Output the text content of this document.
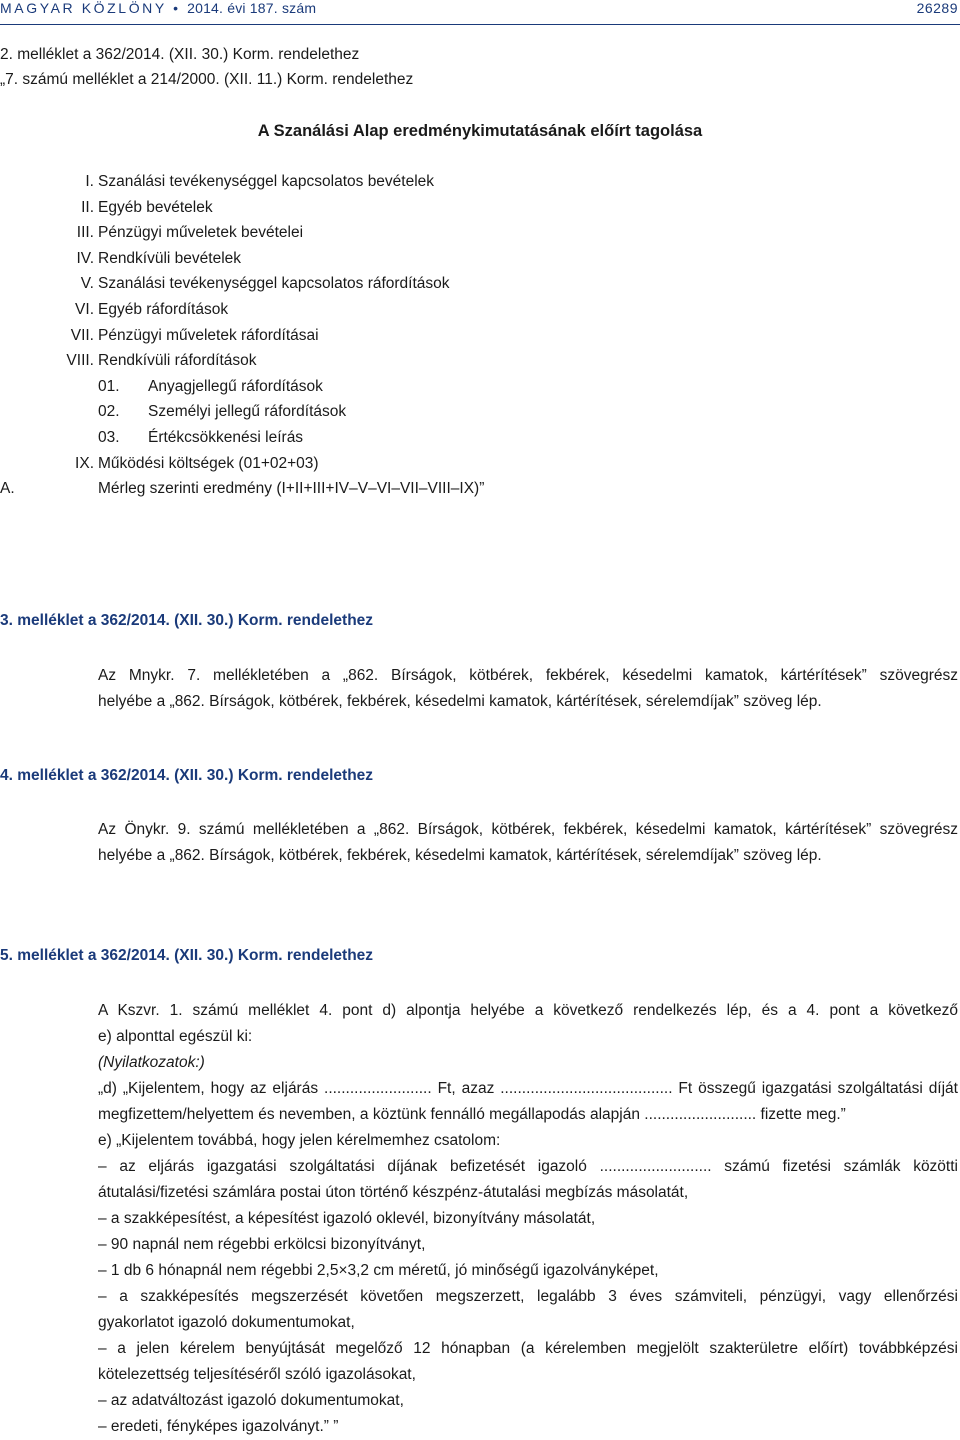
MAGYAR KÖZLÖNY • 2014. évi 187. szám	26289
2. melléklet a 362/2014. (XII. 30.) Korm. rendelethez
„7. számú melléklet a 214/2000. (XII. 11.) Korm. rendelethez
A Szanálási Alap eredménykimutatásának előírt tagolása
I. Szanálási tevékenységgel kapcsolatos bevételek
II. Egyéb bevételek
III. Pénzügyi műveletek bevételei
IV. Rendkívüli bevételek
V. Szanálási tevékenységgel kapcsolatos ráfordítások
VI. Egyéb ráfordítások
VII. Pénzügyi műveletek ráfordításai
VIII. Rendkívüli ráfordítások
01. Anyagjellegű ráfordítások
02. Személyi jellegű ráfordítások
03. Értékcsökkenési leírás
IX. Működési költségek (01+02+03)
A.	Mérleg szerinti eredmény (I+II+III+IV–V–VI–VII–VIII–IX)”
3. melléklet a 362/2014. (XII. 30.) Korm. rendelethez

Az Mnykr. 7. mellékletében a „862. Bírságok, kötbérek, fekbérek, késedelmi kamatok, kártérítések” szövegrész

helyébe a „862. Bírságok, kötbérek, fekbérek, késedelmi kamatok, kártérítések, sérelemdíjak” szöveg lép.

4. melléklet a 362/2014. (XII. 30.) Korm. rendelethez

Az Önykr. 9. számú mellékletében a „862. Bírságok, kötbérek, fekbérek, késedelmi kamatok, kártérítések” szövegrész

helyébe a „862. Bírságok, kötbérek, fekbérek, késedelmi kamatok, kártérítések, sérelemdíjak” szöveg lép.

5. melléklet a 362/2014. (XII. 30.) Korm. rendelethez

A Kszvr. 1. számú melléklet 4. pont d) alpontja helyébe a következő rendelkezés lép, és a 4. pont a következő

e) alponttal egészül ki:

(Nyilatkozatok:)

„d) „Kijelentem, hogy az eljárás ......................... Ft, azaz ........................................ Ft összegű igazgatási szolgáltatási díját

megfizettem/helyettem és nevemben, a köztünk fennálló megállapodás alapján .......................... fizette meg.”

e) „Kijelentem továbbá, hogy jelen kérelmemhez csatolom:

– az eljárás igazgatási szolgáltatási díjának befizetését igazoló .......................... számú fizetési számlák közötti

átutalási/fizetési számlára postai úton történő készpénz-átutalási megbízás másolatát,

– a szakképesítést, a képesítést igazoló oklevél, bizonyítvány másolatát,

– 90 napnál nem régebbi erkölcsi bizonyítványt,

– 1 db 6 hónapnál nem régebbi 2,5×3,2 cm méretű, jó minőségű igazolványképet,

– a szakképesítés megszerzését követően megszerzett, legalább 3 éves számviteli, pénzügyi, vagy ellenőrzési

gyakorlatot igazoló dokumentumokat,

– a jelen kérelem benyújtását megelőző 12 hónapban (a kérelemben megjelölt szakterületre előírt) továbbképzési

kötelezettség teljesítéséről szóló igazolásokat,

– az adatváltozást igazoló dokumentumokat,

– eredeti, fényképes igazolványt.” ”
